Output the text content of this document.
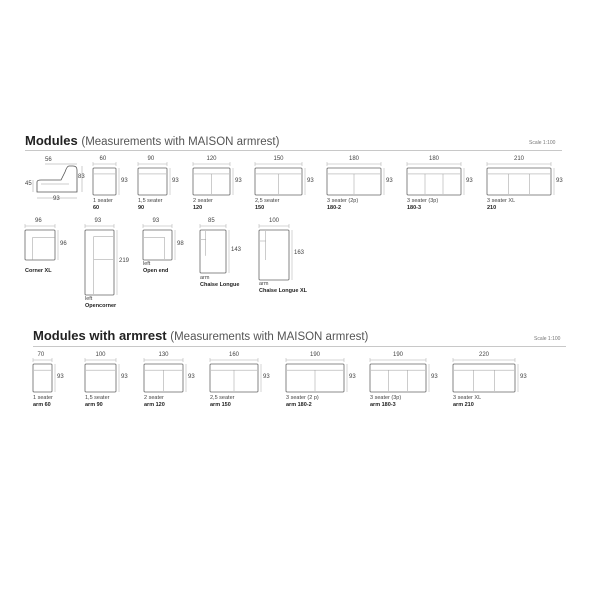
Modules (Measurements with MAISON armrest)	Scale 1:100
56
45
83
93
60
93
1 seater
60
90
93
1,5 seater
90
120
93
2 seater
120
150
93
2,5 seater
150
180
93
3 seater (2p)
180-2
180
93
3 seater (3p)
180-3
210
93
3 seater XL
210
96
96
Corner XL
93
219
left
Opencorner
93
98
left
Open end
85
143
arm
Chaise Longue
100
163
arm
Chaise Longue XL
Modules with armrest (Measurements with MAISON armrest)	Scale 1:100
70
93
1 seater
arm 60
100
93
1,5 seater
arm 90
130
93
2 seater
arm 120
160
93
2,5 seater
arm 150
190
93
3 seater (2 p)
arm 180-2
190
93
3 seater (3p)
arm 180-3
220
93
3 seater XL
arm 210
